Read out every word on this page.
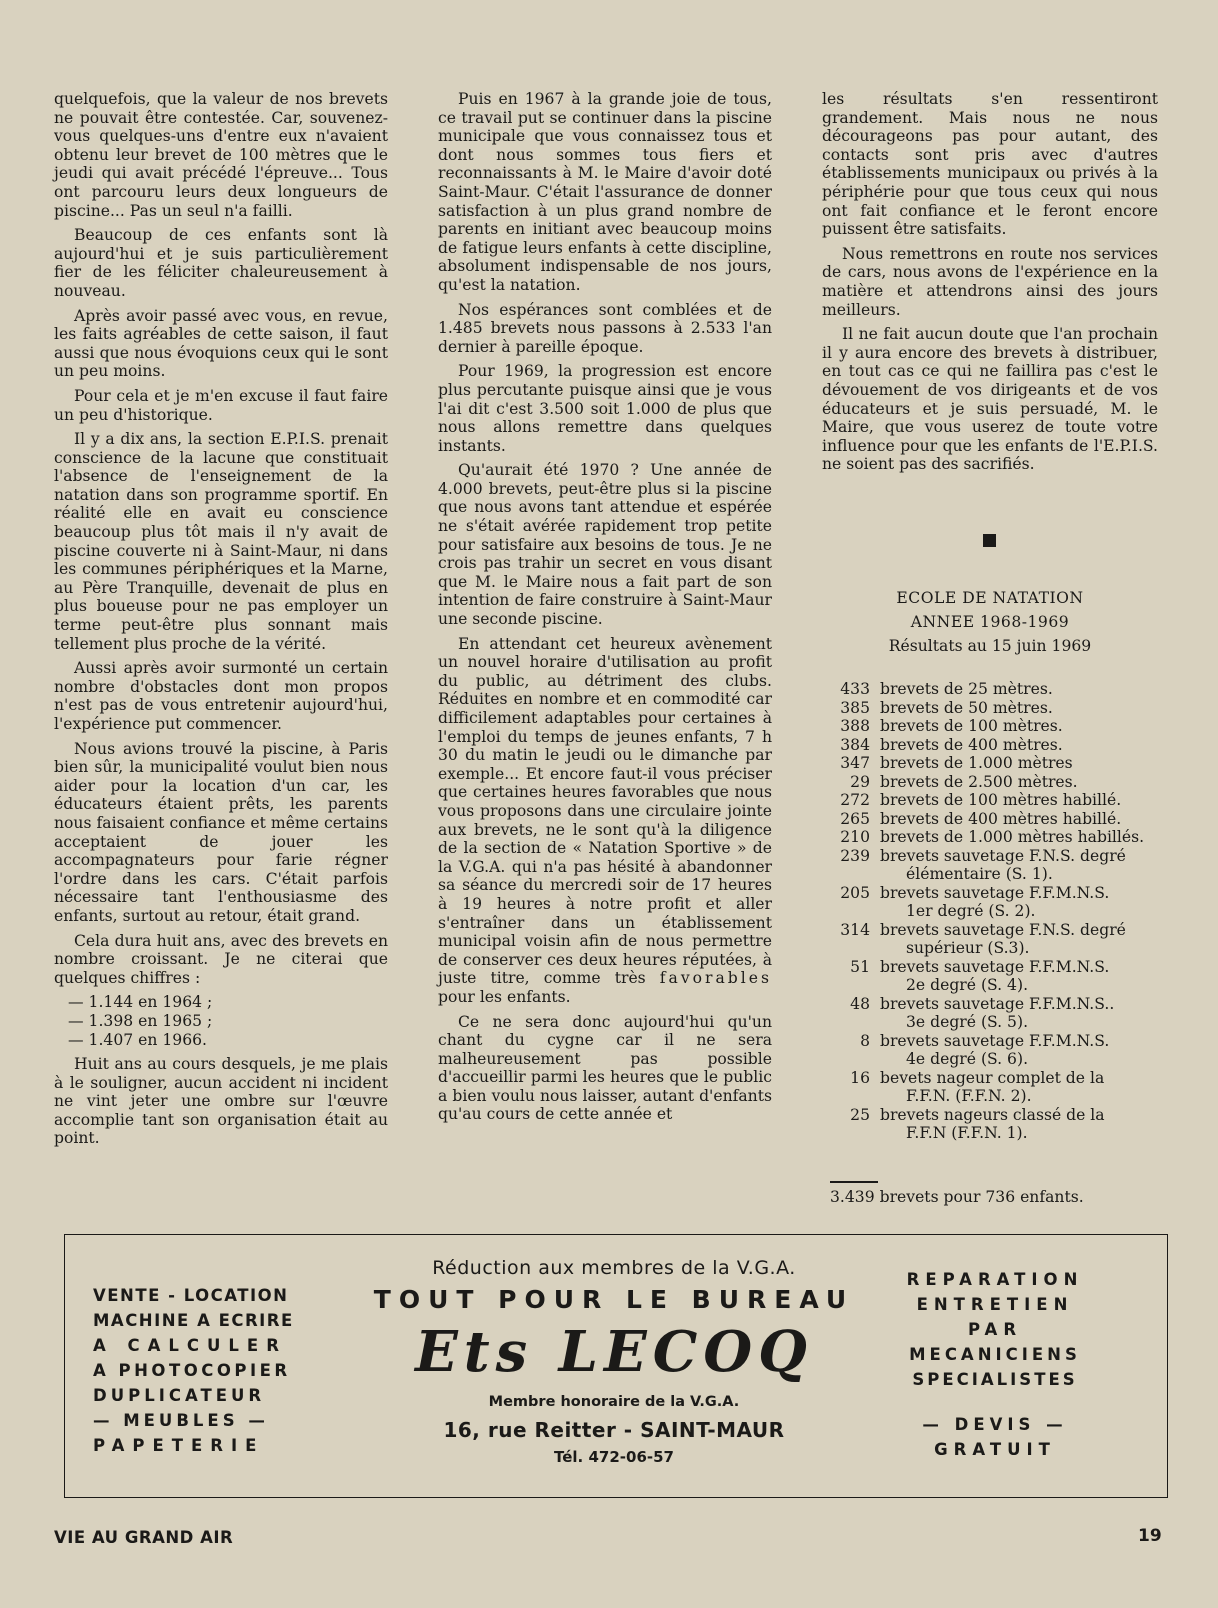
quelquefois, que la valeur de nos brevets ne pouvait être contestée. Car, souvenez-vous quelques-uns d'entre eux n'avaient obtenu leur brevet de 100 mètres que le jeudi qui avait précédé l'épreuve... Tous ont parcouru leurs deux longueurs de piscine... Pas un seul n'a failli.

Beaucoup de ces enfants sont là aujourd'hui et je suis particulièrement fier de les féliciter chaleureusement à nouveau.

Après avoir passé avec vous, en revue, les faits agréables de cette saison, il faut aussi que nous évoquions ceux qui le sont un peu moins.

Pour cela et je m'en excuse il faut faire un peu d'historique.

Il y a dix ans, la section E.P.I.S. prenait conscience de la lacune que constituait l'absence de l'enseignement de la natation dans son programme sportif. En réalité elle en avait eu conscience beaucoup plus tôt mais il n'y avait de piscine couverte ni à Saint-Maur, ni dans les communes périphériques et la Marne, au Père Tranquille, devenait de plus en plus boueuse pour ne pas employer un terme peut-être plus sonnant mais tellement plus proche de la vérité.

Aussi après avoir surmonté un certain nombre d'obstacles dont mon propos n'est pas de vous entretenir aujourd'hui, l'expérience put commencer.

Nous avions trouvé la piscine, à Paris bien sûr, la municipalité voulut bien nous aider pour la location d'un car, les éducateurs étaient prêts, les parents nous faisaient confiance et même certains acceptaient de jouer les accompagnateurs pour farie régner l'ordre dans les cars. C'était parfois nécessaire tant l'enthousiasme des enfants, surtout au retour, était grand.

Cela dura huit ans, avec des brevets en nombre croissant. Je ne citerai que quelques chiffres :

— 1.144 en 1964 ;

— 1.398 en 1965 ;

— 1.407 en 1966.

Huit ans au cours desquels, je me plais à le souligner, aucun accident ni incident ne vint jeter une ombre sur l'œuvre accomplie tant son organisation était au point.

Puis en 1967 à la grande joie de tous, ce travail put se continuer dans la piscine municipale que vous connaissez tous et dont nous sommes tous fiers et reconnaissants à M. le Maire d'avoir doté Saint-Maur. C'était l'assurance de donner satisfaction à un plus grand nombre de parents en initiant avec beaucoup moins de fatigue leurs enfants à cette discipline, absolument indispensable de nos jours, qu'est la natation.

Nos espérances sont comblées et de 1.485 brevets nous passons à 2.533 l'an dernier à pareille époque.

Pour 1969, la progression est encore plus percutante puisque ainsi que je vous l'ai dit c'est 3.500 soit 1.000 de plus que nous allons remettre dans quelques instants.

Qu'aurait été 1970 ? Une année de 4.000 brevets, peut-être plus si la piscine que nous avons tant attendue et espérée ne s'était avérée rapidement trop petite pour satisfaire aux besoins de tous. Je ne crois pas trahir un secret en vous disant que M. le Maire nous a fait part de son intention de faire construire à Saint-Maur une seconde piscine.

En attendant cet heureux avènement un nouvel horaire d'utilisation au profit du public, au détriment des clubs. Réduites en nombre et en commodité car difficilement adaptables pour certaines à l'emploi du temps de jeunes enfants, 7 h 30 du matin le jeudi ou le dimanche par exemple... Et encore faut-il vous préciser que certaines heures favorables que nous vous proposons dans une circulaire jointe aux brevets, ne le sont qu'à la diligence de la section de « Natation Sportive » de la V.G.A. qui n'a pas hésité à abandonner sa séance du mercredi soir de 17 heures à 19 heures à notre profit et aller s'entraîner dans un établissement municipal voisin afin de nous permettre de conserver ces deux heures réputées, à juste titre, comme très favorables pour les enfants.

Ce ne sera donc aujourd'hui qu'un chant du cygne car il ne sera malheureusement pas possible d'accueillir parmi les heures que le public a bien voulu nous laisser, autant d'enfants qu'au cours de cette année et

les résultats s'en ressentiront grandement. Mais nous ne nous décourageons pas pour autant, des contacts sont pris avec d'autres établissements municipaux ou privés à la périphérie pour que tous ceux qui nous ont fait confiance et le feront encore puissent être satisfaits.

Nous remettrons en route nos services de cars, nous avons de l'expérience en la matière et attendrons ainsi des jours meilleurs.

Il ne fait aucun doute que l'an prochain il y aura encore des brevets à distribuer, en tout cas ce qui ne faillira pas c'est le dévouement de vos dirigeants et de vos éducateurs et je suis persuadé, M. le Maire, que vous userez de toute votre influence pour que les enfants de l'E.P.I.S. ne soient pas des sacrifiés.

ECOLE DE NATATION
ANNEE 1968-1969
Résultats au 15 juin 1969
433 brevets de 25 mètres.
385 brevets de 50 mètres.
388 brevets de 100 mètres.
384 brevets de 400 mètres.
347 brevets de 1.000 mètres
29 brevets de 2.500 mètres.
272 brevets de 100 mètres habillé.
265 brevets de 400 mètres habillé.
210 brevets de 1.000 mètres habillés.
239 brevets sauvetage F.N.S. degré
élémentaire (S. 1).
205 brevets sauvetage F.F.M.N.S.
1er degré (S. 2).
314 brevets sauvetage F.N.S. degré
supérieur (S.3).
51 brevets sauvetage F.F.M.N.S.
2e degré (S. 4).
48 brevets sauvetage F.F.M.N.S..
3e degré (S. 5).
8 brevets sauvetage F.F.M.N.S.
4e degré (S. 6).
16 bevets nageur complet de la
F.F.N. (F.F.N. 2).
25 brevets nageurs classé de la
F.F.N (F.F.N. 1).
3.439 brevets pour 736 enfants.
VENTE - LOCATION
MACHINE A ECRIRE
A CALCULER
A PHOTOCOPIER
DUPLICATEUR
— MEUBLES —
PAPETERIE
Réduction aux membres de la V.G.A.
TOUT POUR LE BUREAU
Ets LECOQ
Membre honoraire de la V.G.A.
16, rue Reitter - SAINT-MAUR
Tél. 472-06-57
REPARATION
ENTRETIEN
PAR
MECANICIENS
SPECIALISTES
— DEVIS —
GRATUIT
VIE AU GRAND AIR	19
